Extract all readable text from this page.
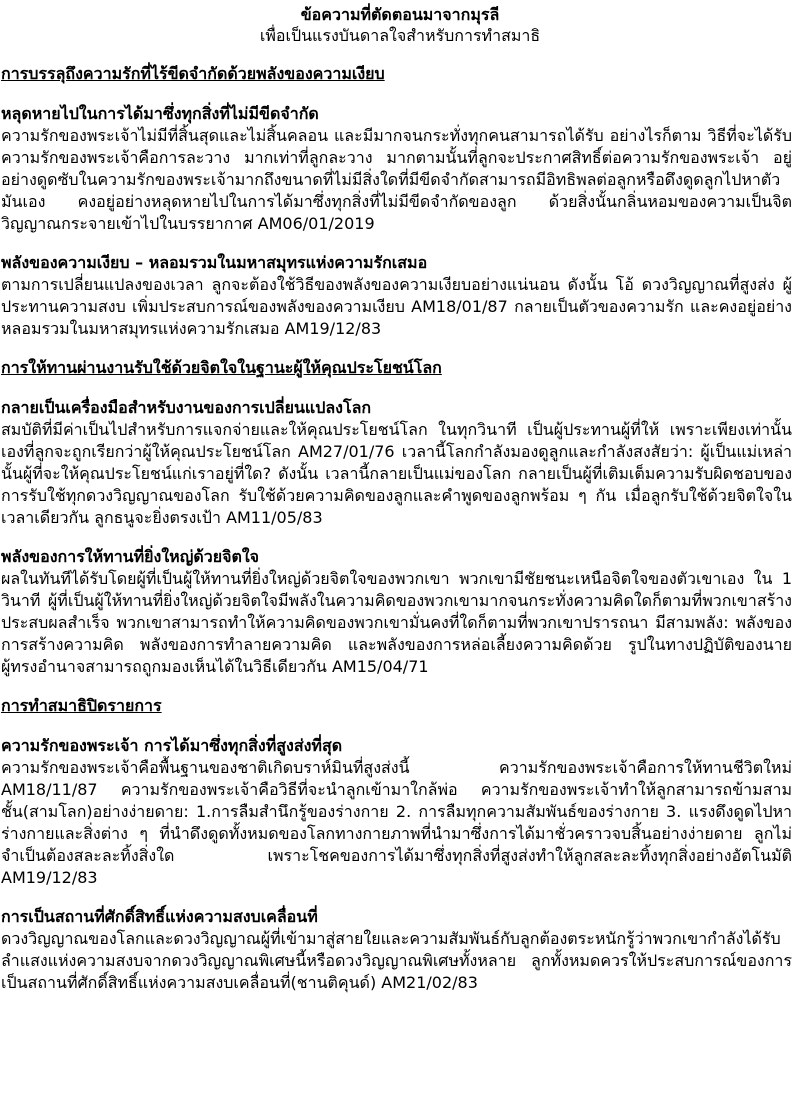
ข้อความที่ตัดตอนมาจากมุรลี

เพื่อเป็นแรงบันดาลใจสำหรับการทำสมาธิ

การบรรลุถึงความรักที่ไร้ขีดจำกัดด้วยพลังของความเงียบ

หลุดหายไปในการได้มาซึ่งทุกสิ่งที่ไม่มีขีดจำกัด

ความรักของพระเจ้าไม่มีที่สิ้นสุดและไม่สิ้นคลอน และมีมากจนกระทั่งทุกคนสามารถได้รับ อย่างไรก็ตาม วิธีที่จะได้รับความรักของพระเจ้าคือการละวาง มากเท่าที่ลูกละวาง มากตามนั้นที่ลูกจะประกาศสิทธิ์ต่อความรักของพระเจ้า อยู่อย่างดูดซับในความรักของพระเจ้ามากถึงขนาดที่ไม่มีสิ่งใดที่มีขีดจำกัดสามารถมีอิทธิพลต่อลูกหรือดึงดูดลูกไปหาตัวมันเอง คงอยู่อย่างหลุดหายไปในการได้มาซึ่งทุกสิ่งที่ไม่มีขีดจำกัดของลูก ด้วยสิ่งนั้นกลิ่นหอมของความเป็นจิตวิญญาณกระจายเข้าไปในบรรยากาศ AM06/01/2019

พลังของความเงียบ – หลอมรวมในมหาสมุทรแห่งความรักเสมอ

ตามการเปลี่ยนแปลงของเวลา ลูกจะต้องใช้วิธีของพลังของความเงียบอย่างแน่นอน ดังนั้น โอ้ ดวงวิญญาณที่สูงส่ง ผู้ประทานความสงบ เพิ่มประสบการณ์ของพลังของความเงียบ AM18/01/87 กลายเป็นตัวของความรัก และคงอยู่อย่างหลอมรวมในมหาสมุทรแห่งความรักเสมอ AM19/12/83

การให้ทานผ่านงานรับใช้ด้วยจิตใจในฐานะผู้ให้คุณประโยชน์โลก

กลายเป็นเครื่องมือสำหรับงานของการเปลี่ยนแปลงโลก

สมบัติที่มีค่าเป็นไปสำหรับการแจกจ่ายและให้คุณประโยชน์โลก ในทุกวินาที เป็นผู้ประทานผู้ที่ให้ เพราะเพียงเท่านั้นเองที่ลูกจะถูกเรียกว่าผู้ให้คุณประโยชน์โลก AM27/01/76 เวลานี้โลกกำลังมองดูลูกและกำลังสงสัยว่า: ผู้เป็นแม่เหล่านั้นผู้ที่จะให้คุณประโยชน์แก่เราอยู่ที่ใด? ดังนั้น เวลานี้กลายเป็นแม่ของโลก กลายเป็นผู้ที่เติมเต็มความรับผิดชอบของการรับใช้ทุกดวงวิญญาณของโลก รับใช้ด้วยความคิดของลูกและคำพูดของลูกพร้อม ๆ กัน เมื่อลูกรับใช้ด้วยจิตใจในเวลาเดียวกัน ลูกธนูจะยิ่งตรงเป้า AM11/05/83

พลังของการให้ทานที่ยิ่งใหญ่ด้วยจิตใจ

ผลในทันทีได้รับโดยผู้ที่เป็นผู้ให้ทานที่ยิ่งใหญ่ด้วยจิตใจของพวกเขา พวกเขามีชัยชนะเหนือจิตใจของตัวเขาเอง ใน 1 วินาที ผู้ที่เป็นผู้ให้ทานที่ยิ่งใหญ่ด้วยจิตใจมีพลังในความคิดของพวกเขามากจนกระทั่งความคิดใดก็ตามที่พวกเขาสร้างประสบผลสำเร็จ พวกเขาสามารถทำให้ความคิดของพวกเขามั่นคงที่ใดก็ตามที่พวกเขาปรารถนา มีสามพลัง: พลังของการสร้างความคิด พลังของการทำลายความคิด และพลังของการหล่อเลี้ยงความคิดด้วย รูปในทางปฏิบัติของนายผู้ทรงอำนาจสามารถถูกมองเห็นได้ในวิธีเดียวกัน AM15/04/71

การทำสมาธิปิดรายการ

ความรักของพระเจ้า การได้มาซึ่งทุกสิ่งที่สูงส่งที่สุด

ความรักของพระเจ้าคือพื้นฐานของชาติเกิดบราห์มินที่สูงส่งนี้ ความรักของพระเจ้าคือการให้ทานชีวิตใหม่ AM18/11/87 ความรักของพระเจ้าคือวิธีที่จะนำลูกเข้ามาใกล้พ่อ ความรักของพระเจ้าทำให้ลูกสามารถข้ามสามชั้น(สามโลก)อย่างง่ายดาย: 1.การลืมสำนึกรู้ของร่างกาย 2. การลืมทุกความสัมพันธ์ของร่างกาย 3. แรงดึงดูดไปหาร่างกายและสิ่งต่าง ๆ ที่นำดึงดูดทั้งหมดของโลกทางกายภาพที่นำมาซึ่งการได้มาชั่วคราวจบสิ้นอย่างง่ายดาย ลูกไม่จำเป็นต้องสละละทิ้งสิ่งใด เพราะโชคของการได้มาซึ่งทุกสิ่งที่สูงส่งทำให้ลูกสละละทิ้งทุกสิ่งอย่างอัตโนมัติ AM19/12/83

การเป็นสถานที่ศักดิ์สิทธิ์แห่งความสงบเคลื่อนที่

ดวงวิญญาณของโลกและดวงวิญญาณผู้ที่เข้ามาสู่สายใยและความสัมพันธ์กับลูกต้องตระหนักรู้ว่าพวกเขากำลังได้รับลำแสงแห่งความสงบจากดวงวิญญาณพิเศษนี้หรือดวงวิญญาณพิเศษทั้งหลาย ลูกทั้งหมดควรให้ประสบการณ์ของการเป็นสถานที่ศักดิ์สิทธิ์แห่งความสงบเคลื่อนที่(ชานติคุนด์) AM21/02/83
